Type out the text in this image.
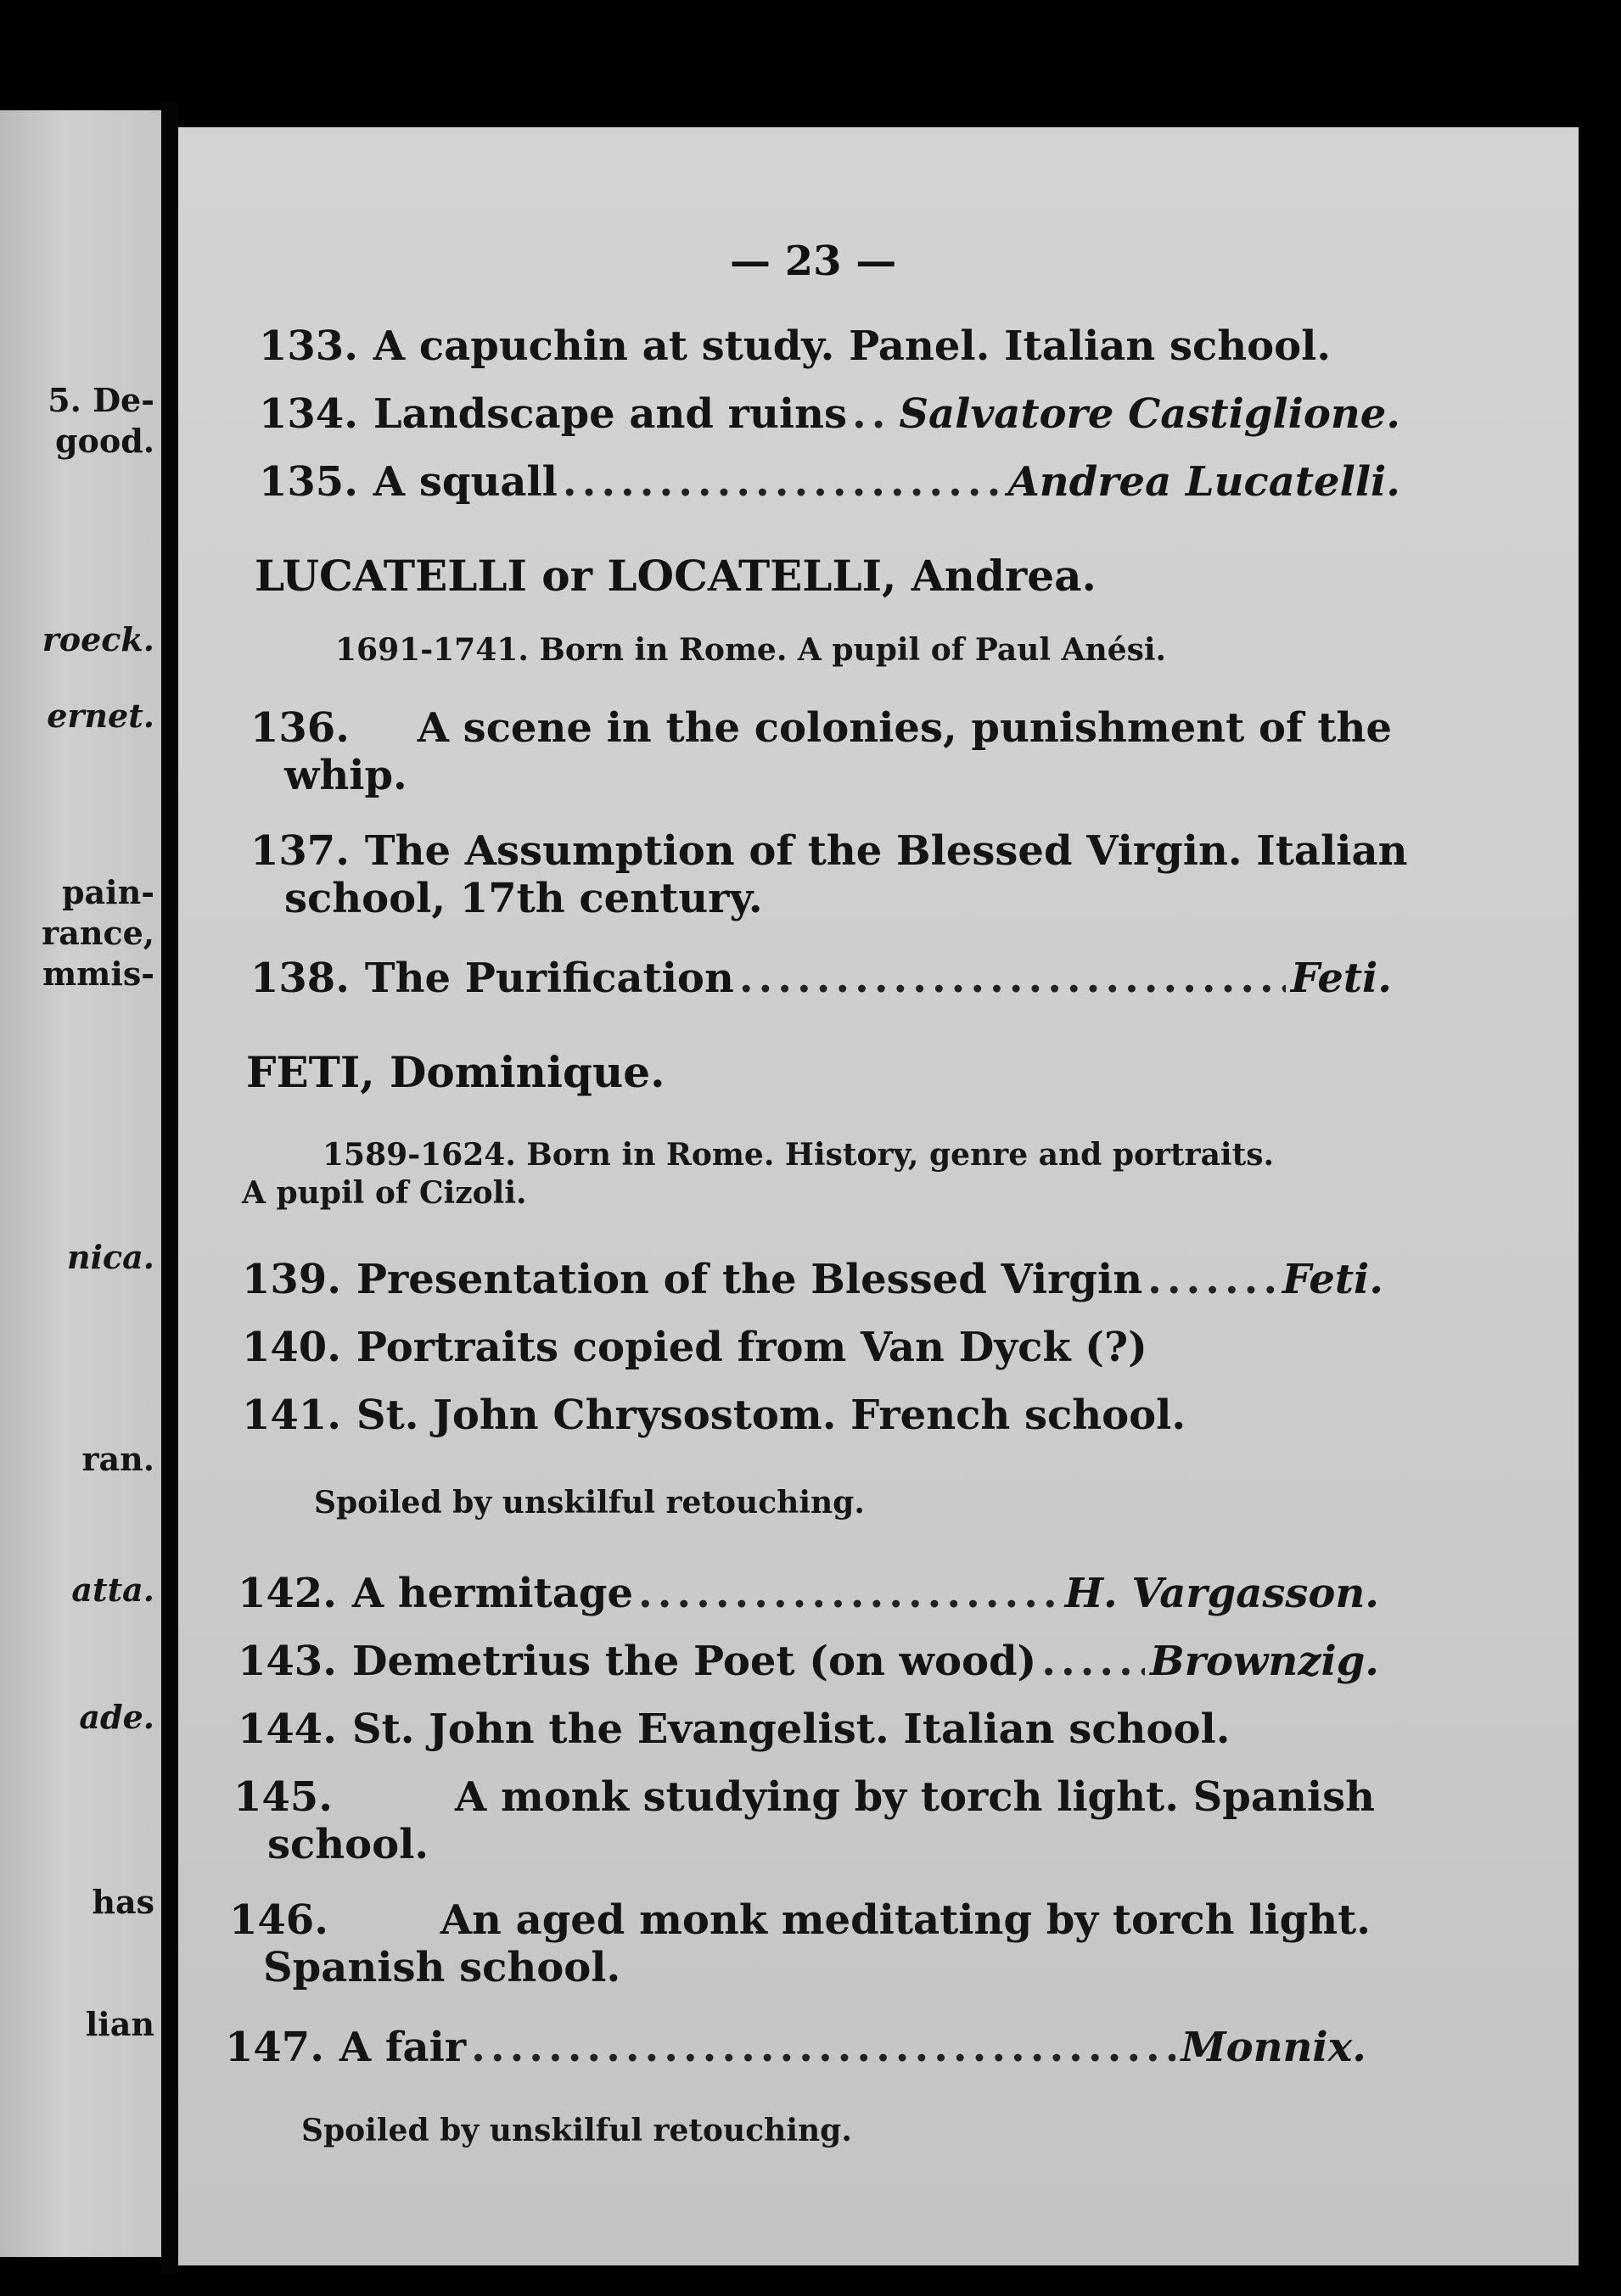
5. De-
good.
roeck.
ernet.
pain-
rance,
mmis-
nica.
ran.
atta.
ade.
has
lian
— 23 —
133. A capuchin at study. Panel. Italian school.
134. Landscape and ruins ..... Salvatore Castiglione.
135. A squall .....	Andrea Lucatelli.
LUCATELLI or LOCATELLI, Andrea.
1691-1741. Born in Rome. A pupil of Paul Anési.
136. A scene in the colonies, punishment of the
whip.
137. The Assumption of the Blessed Virgin. Italian
school, 17th century.
138. The Purification .....	Feti.
FETI, Dominique.
1589-1624. Born in Rome. History, genre and portraits.
A pupil of Cizoli.
139. Presentation of the Blessed Virgin .....	Feti.
140. Portraits copied from Van Dyck (?)
141. St. John Chrysostom. French school.
Spoiled by unskilful retouching.
142. A hermitage .....	H. Vargasson.
143. Demetrius the Poet (on wood) .....	Brownzig.
144. St. John the Evangelist. Italian school.
145.	A monk studying by torch light. Spanish
school.
146.	An aged monk meditating by torch light.
Spanish school.
147. A fair .....	Monnix.
Spoiled by unskilful retouching.
